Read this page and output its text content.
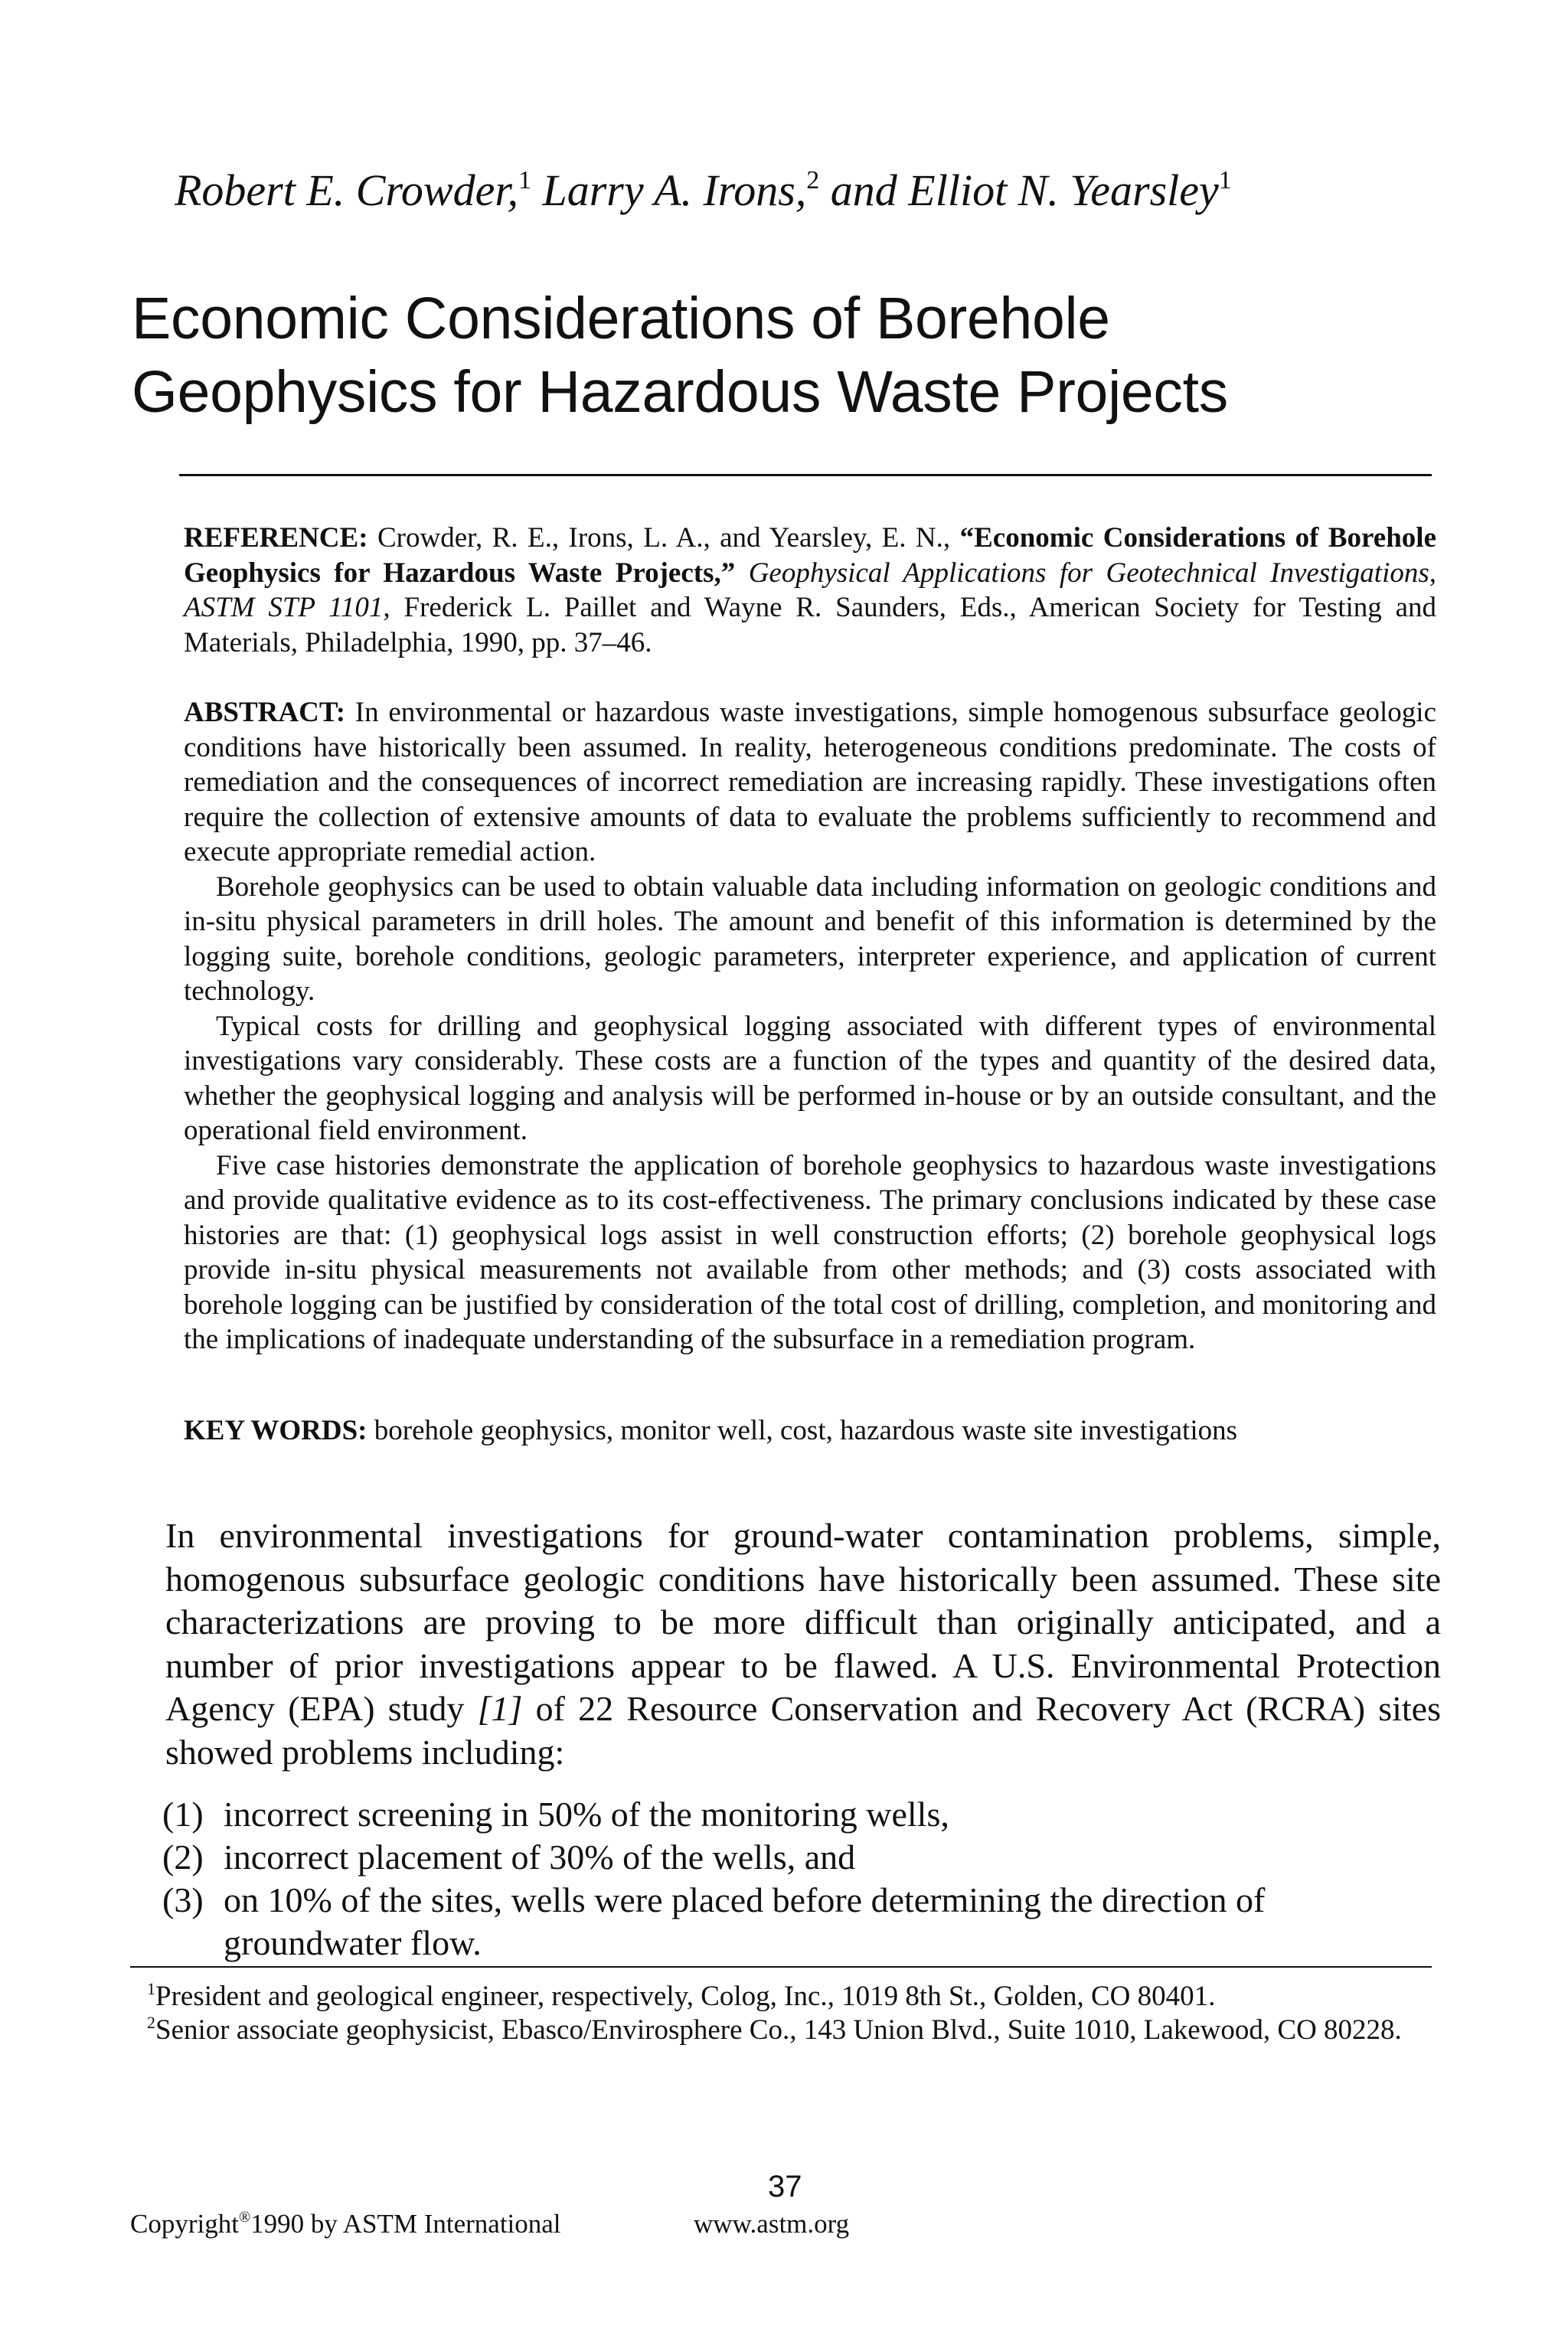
Robert E. Crowder,$^1$ Larry A. Irons,$^2$ and Elliot N. Yearsley$^1$
Economic Considerations of Borehole
Geophysics for Hazardous Waste Projects

REFERENCE: Crowder, R. E., Irons, L. A., and Yearsley, E. N., “Economic Considerations of Borehole Geophysics for Hazardous Waste Projects,” Geophysical Applications for Geotechnical Investigations, ASTM STP 1101, Frederick L. Paillet and Wayne R. Saunders, Eds., American Society for Testing and Materials, Philadelphia, 1990, pp. 37–46.

ABSTRACT: In environmental or hazardous waste investigations, simple homogenous subsurface geologic conditions have historically been assumed. In reality, heterogeneous conditions predominate. The costs of remediation and the consequences of incorrect remediation are increasing rapidly. These investigations often require the collection of extensive amounts of data to evaluate the problems sufficiently to recommend and execute appropriate remedial action.

Borehole geophysics can be used to obtain valuable data including information on geologic conditions and in-situ physical parameters in drill holes. The amount and benefit of this information is determined by the logging suite, borehole conditions, geologic parameters, interpreter experience, and application of current technology.

Typical costs for drilling and geophysical logging associated with different types of environmental investigations vary considerably. These costs are a function of the types and quantity of the desired data, whether the geophysical logging and analysis will be performed in-house or by an outside consultant, and the operational field environment.

Five case histories demonstrate the application of borehole geophysics to hazardous waste investigations and provide qualitative evidence as to its cost-effectiveness. The primary conclusions indicated by these case histories are that: (1) geophysical logs assist in well construction efforts; (2) borehole geophysical logs provide in-situ physical measurements not available from other methods; and (3) costs associated with borehole logging can be justified by consideration of the total cost of drilling, completion, and monitoring and the implications of inadequate understanding of the subsurface in a remediation program.

KEY WORDS: borehole geophysics, monitor well, cost, hazardous waste site investigations

In environmental investigations for ground-water contamination problems, simple, homogenous subsurface geologic conditions have historically been assumed. These site characterizations are proving to be more difficult than originally anticipated, and a number of prior investigations appear to be flawed. A U.S. Environmental Protection Agency (EPA) study [1] of 22 Resource Conservation and Recovery Act (RCRA) sites showed problems including:

(1) incorrect screening in 50% of the monitoring wells,
(2) incorrect placement of 30% of the wells, and
(3) on 10% of the sites, wells were placed before determining the direction of groundwater flow.

$^1$President and geological engineer, respectively, Colog, Inc., 1019 8th St., Golden, CO 80401.

$^2$Senior associate geophysicist, Ebasco/Envirosphere Co., 143 Union Blvd., Suite 1010, Lakewood, CO 80228.

37
Copyright®1990 by ASTM International	www.astm.org
